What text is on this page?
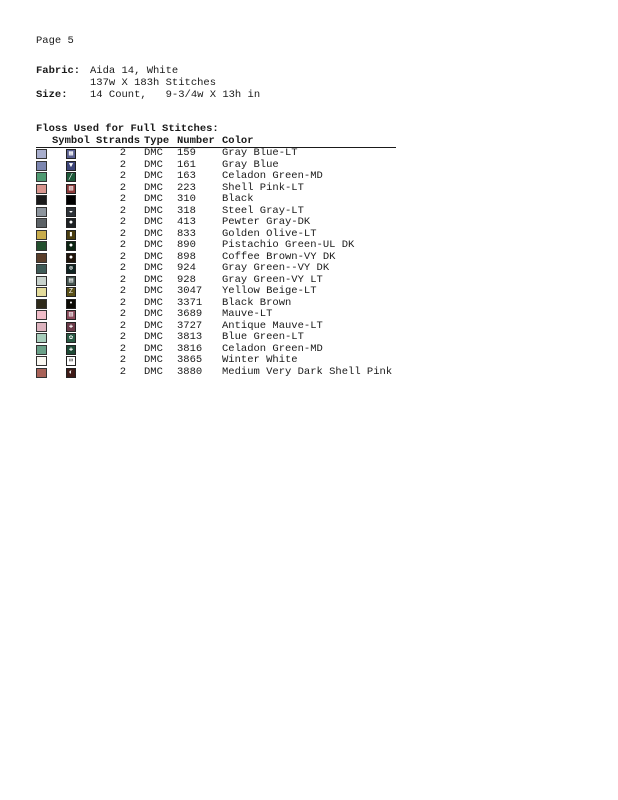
Page 5
Fabric: Aida 14, White
137w X 183h Stitches
Size: 14 Count,   9-3/4w X 13h in
Floss Used for Full Stitches:
Symbol Strands Type Number Color
▦	2 DMC 159 Gray Blue-LT
▼	2 DMC 161 Gray Blue
╱	2 DMC 163 Celadon Green-MD
▧	2 DMC 223 Shell Pink-LT
2 DMC 310 Black
◒	2 DMC 318 Steel Gray-LT
●	2 DMC 413 Pewter Gray-DK
▮	2 DMC 833 Golden Olive-LT
●	2 DMC 890 Pistachio Green-UL DK
●	2 DMC 898 Coffee Brown-VY DK
⊗	2 DMC 924 Gray Green--VY DK
▤	2 DMC 928 Gray Green-VY LT
Z	2 DMC 3047 Yellow Beige-LT
•	2 DMC 3371 Black Brown
▥	2 DMC 3689 Mauve-LT
✚	2 DMC 3727 Antique Mauve-LT
✿	2 DMC 3813 Blue Green-LT
✚	2 DMC 3816 Celadon Green-MD
∞	2 DMC 3865 Winter White
◐	2 DMC 3880 Medium Very Dark Shell Pink
